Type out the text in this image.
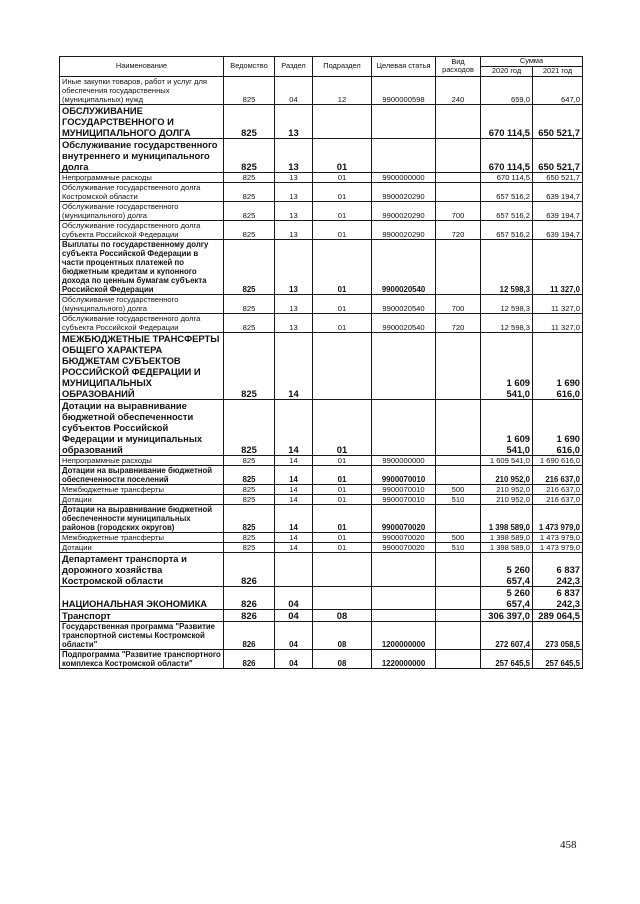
Наименование	Ведомство	Раздел	Подраздел	Целевая статья	Вид расходов	Сумма	
						2020 год	2021 год
Иные закупки товаров, работ и услуг для обеспечения государственных (муниципальных) нужд	825	04	12	9900000598	240	659,0	647,0
ОБСЛУЖИВАНИЕ ГОСУДАРСТВЕННОГО И МУНИЦИПАЛЬНОГО ДОЛГА	825	13				670 114,5	650 521,7
Обслуживание государственного внутреннего и муниципального долга	825	13	01			670 114,5	650 521,7
Непрограммные расходы	825	13	01	9900000000		670 114,5	650 521,7
Обслуживание государственного долга Костромской области	825	13	01	9900020290		657 516,2	639 194,7
Обслуживание государственного (муниципального) долга	825	13	01	9900020290	700	657 516,2	639 194,7
Обслуживание государственного долга субъекта Российской Федерации	825	13	01	9900020290	720	657 516,2	639 194,7
Выплаты по государственному долгу субъекта Российской Федерации в части процентных платежей по бюджетным кредитам и купонного дохода по ценным бумагам субъекта Российской Федерации	825	13	01	9900020540		12 598,3	11 327,0
Обслуживание государственного (муниципального) долга	825	13	01	9900020540	700	12 598,3	11 327,0
Обслуживание государственного долга субъекта Российской Федерации	825	13	01	9900020540	720	12 598,3	11 327,0
МЕЖБЮДЖЕТНЫЕ ТРАНСФЕРТЫ ОБЩЕГО ХАРАКТЕРА БЮДЖЕТАМ СУБЪЕКТОВ РОССИЙСКОЙ ФЕДЕРАЦИИ И МУНИЦИПАЛЬНЫХ ОБРАЗОВАНИЙ	825	14				1 609 541,0	1 690 616,0
Дотации на выравнивание бюджетной обеспеченности субъектов Российской Федерации и муниципальных образований	825	14	01			1 609 541,0	1 690 616,0
Непрограммные расходы	825	14	01	9900000000		1 609 541,0	1 690 616,0
Дотации на выравнивание бюджетной обеспеченности поселений	825	14	01	9900070010		210 952,0	216 637,0
Межбюджетные трансферты	825	14	01	9900070010	500	210 952,0	216 637,0
Дотации	825	14	01	9900070010	510	210 952,0	216 637,0
Дотации на выравнивание бюджетной обеспеченности муниципальных районов (городских округов)	825	14	01	9900070020		1 398 589,0	1 473 979,0
Межбюджетные трансферты	825	14	01	9900070020	500	1 398 589,0	1 473 979,0
Дотации	825	14	01	9900070020	510	1 398 589,0	1 473 979,0
Департамент транспорта и дорожного хозяйства Костромской области	826					5 260 657,4	6 837 242,3
НАЦИОНАЛЬНАЯ ЭКОНОМИКА	826	04				5 260 657,4	6 837 242,3
Транспорт	826	04	08			306 397,0	289 064,5
Государственная программа "Развитие транспортной системы Костромской области"	826	04	08	1200000000		272 607,4	273 058,5
Подпрограмма "Развитие транспортного комплекса Костромской области"	826	04	08	1220000000		257 645,5	257 645,5
458
